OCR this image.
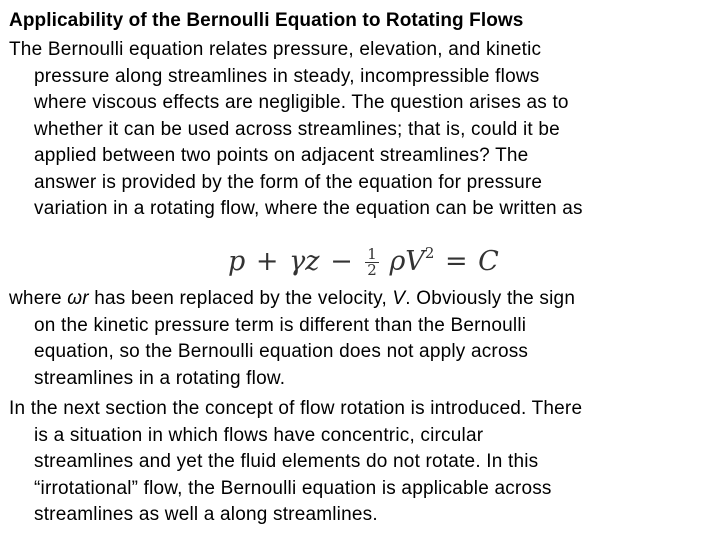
Applicability of the Bernoulli Equation to Rotating Flows
The Bernoulli equation relates pressure, elevation, and kinetic
pressure along streamlines in steady, incompressible flows
where viscous effects are negligible. The question arises as to
whether it can be used across streamlines; that is, could it be
applied between two points on adjacent streamlines? The
answer is provided by the form of the equation for pressure
variation in a rotating flow, where the equation can be written as
$p + \gamma z - \frac{1}{2} \rho V^2 = C$
where ωr has been replaced by the velocity, V. Obviously the sign
on the kinetic pressure term is different than the Bernoulli
equation, so the Bernoulli equation does not apply across
streamlines in a rotating flow.
In the next section the concept of flow rotation is introduced. There
is a situation in which flows have concentric, circular
streamlines and yet the fluid elements do not rotate. In this
“irrotational” flow, the Bernoulli equation is applicable across
streamlines as well a along streamlines.
